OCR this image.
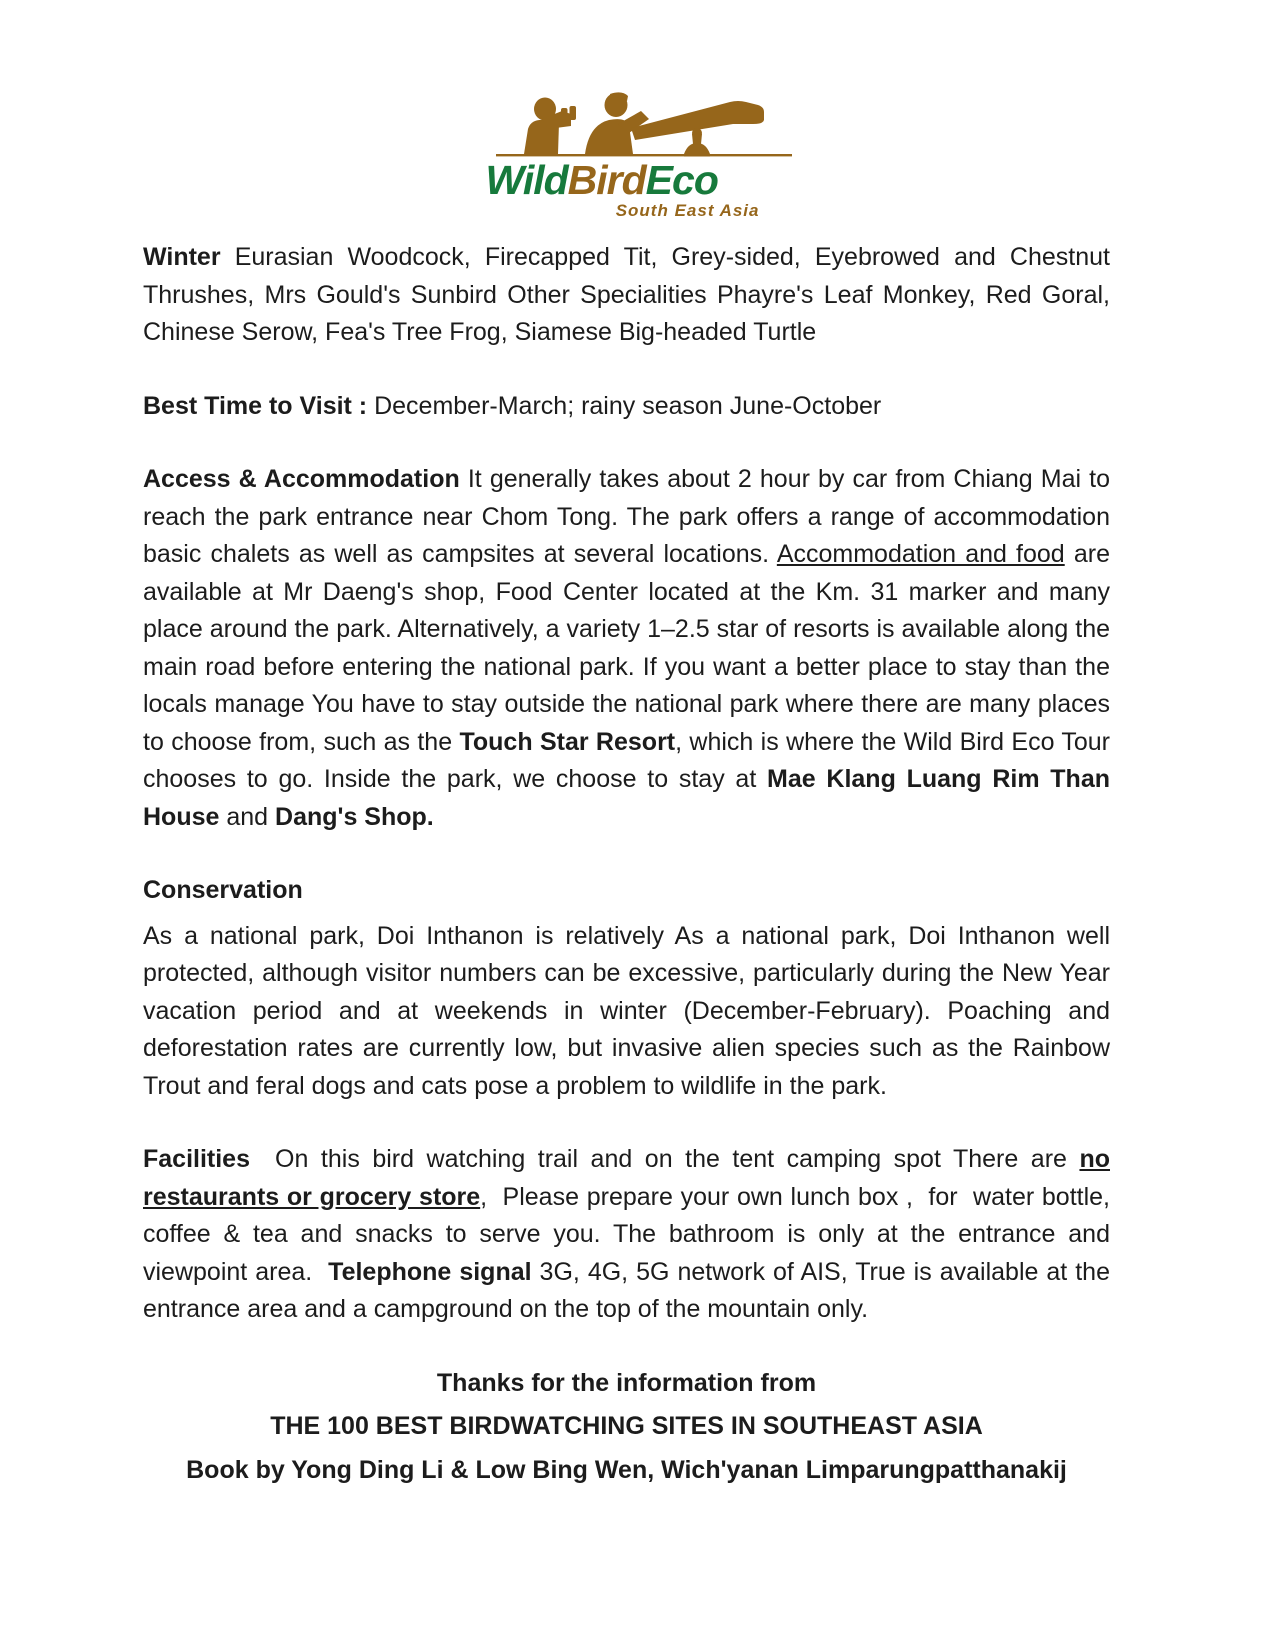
WildBirdEco
South East Asia

Winter Eurasian Woodcock, Firecapped Tit, Grey-sided, Eyebrowed and Chestnut Thrushes, Mrs Gould's Sunbird Other Specialities Phayre's Leaf Monkey, Red Goral, Chinese Serow, Fea's Tree Frog, Siamese Big-headed Turtle

Best Time to Visit : December-March; rainy season June-October

Access & Accommodation It generally takes about 2 hour by car from Chiang Mai to reach the park entrance near Chom Tong. The park offers a range of accommodation basic chalets as well as campsites at several locations. Accommodation and food are available at Mr Daeng's shop, Food Center located at the Km. 31 marker and many place around the park. Alternatively, a variety 1–2.5 star of resorts is available along the main road before entering the national park. If you want a better place to stay than the locals manage You have to stay outside the national park where there are many places to choose from, such as the Touch Star Resort, which is where the Wild Bird Eco Tour chooses to go. Inside the park, we choose to stay at Mae Klang Luang Rim Than House and Dang's Shop.

Conservation

As a national park, Doi Inthanon is relatively As a national park, Doi Inthanon well protected, although visitor numbers can be excessive, particularly during the New Year vacation period and at weekends in winter (December-February). Poaching and deforestation rates are currently low, but invasive alien species such as the Rainbow Trout and feral dogs and cats pose a problem to wildlife in the park.

Facilities  On this bird watching trail and on the tent camping spot There are no restaurants or grocery store,  Please prepare your own lunch box ,  for  water bottle, coffee & tea and snacks to serve you. The bathroom is only at the entrance and viewpoint area.  Telephone signal 3G, 4G, 5G network of AIS, True is available at the entrance area and a campground on the top of the mountain only.

Thanks for the information from

THE 100 BEST BIRDWATCHING SITES IN SOUTHEAST ASIA

Book by Yong Ding Li & Low Bing Wen, Wich'yanan Limparungpatthanakij
